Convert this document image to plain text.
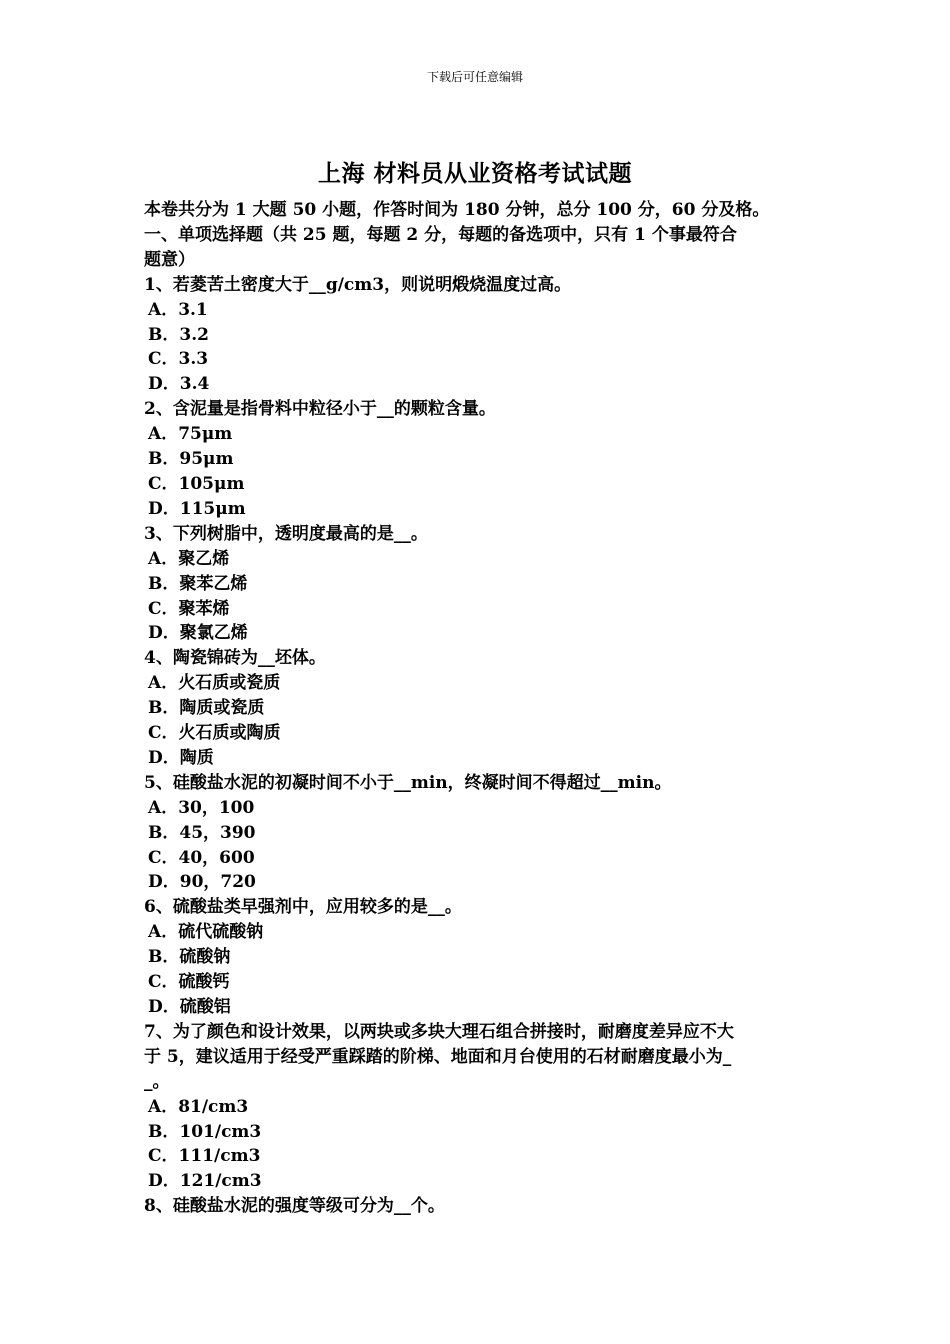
下载后可任意编辑
上海 材料员从业资格考试试题
本卷共分为 1 大题 50 小题，作答时间为 180 分钟，总分 100 分，60 分及格。
一、单项选择题（共 25 题，每题 2 分，每题的备选项中，只有 1 个事最符合
题意）
1、若菱苦土密度大于__g/cm3，则说明煅烧温度过高。
A．3.1
B．3.2
C．3.3
D．3.4
2、含泥量是指骨料中粒径小于__的颗粒含量。
A．75μm
B．95μm
C．105μm
D．115μm
3、下列树脂中，透明度最高的是__。
A．聚乙烯
B．聚苯乙烯
C．聚苯烯
D．聚氯乙烯
4、陶瓷锦砖为__坯体。
A．火石质或瓷质
B．陶质或瓷质
C．火石质或陶质
D．陶质
5、硅酸盐水泥的初凝时间不小于__min，终凝时间不得超过__min。
A．30，100
B．45，390
C．40，600
D．90，720
6、硫酸盐类早强剂中，应用较多的是__。
A．硫代硫酸钠
B．硫酸钠
C．硫酸钙
D．硫酸铝
7、为了颜色和设计效果，以两块或多块大理石组合拼接时，耐磨度差异应不大
于 5，建议适用于经受严重踩踏的阶梯、地面和月台使用的石材耐磨度最小为_
_。
A．81/cm3
B．101/cm3
C．111/cm3
D．121/cm3
8、硅酸盐水泥的强度等级可分为__个。
